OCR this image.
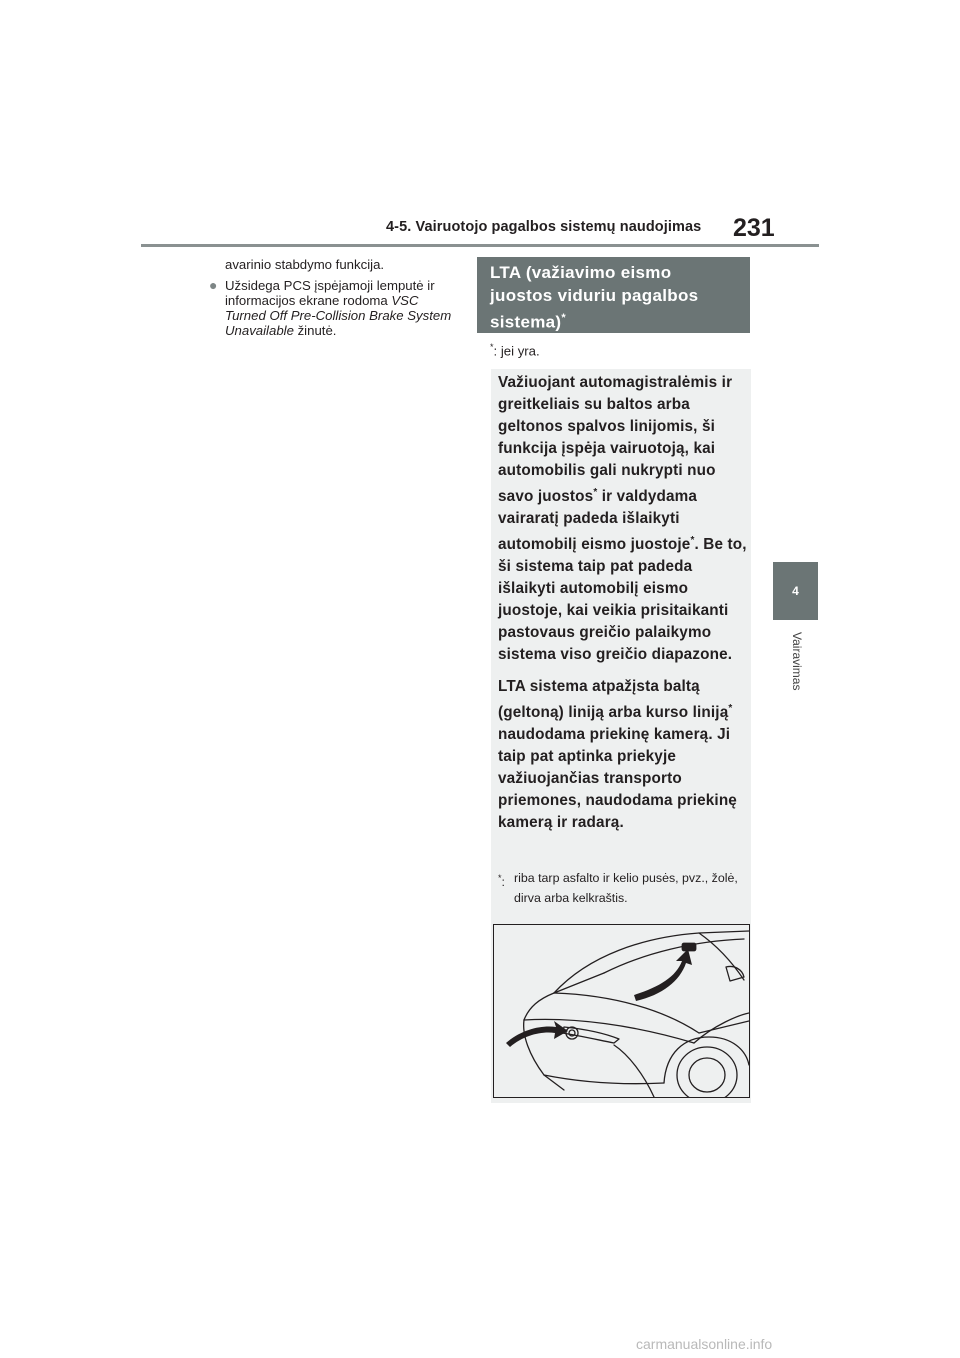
4-5. Vairuotojo pagalbos sistemų naudojimas 231
4
Vairavimas

avarinio stabdymo funkcija.

● Užsidega PCS įspėjamoji lemputė ir informacijos ekrane rodoma VSC Turned Off Pre-Collision Brake System Unavailable žinutė.
LTA (važiavimo eismo
juostos viduriu pagalbos
sistema)*
*: jei yra.

Važiuojant automagistralėmis ir greitkeliais su baltos arba geltonos spalvos linijomis, ši funkcija įspėja vairuotoją, kai automobilis gali nukrypti nuo savo juostos* ir valdydama vairaratį padeda išlaikyti automobilį eismo juostoje*. Be to, ši sistema taip pat padeda išlaikyti automobilį eismo juostoje, kai veikia prisitaikanti pastovaus greičio palaikymo sistema viso greičio diapazone.

LTA sistema atpažįsta baltą (geltoną) liniją arba kurso liniją* naudodama priekinę kamerą. Ji taip pat aptinka priekyje važiuojančias transporto priemones, naudodama priekinę kamerą ir radarą.

*: riba tarp asfalto ir kelio pusės, pvz., žolė, dirva arba kelkraštis.
carmanualsonline.info
